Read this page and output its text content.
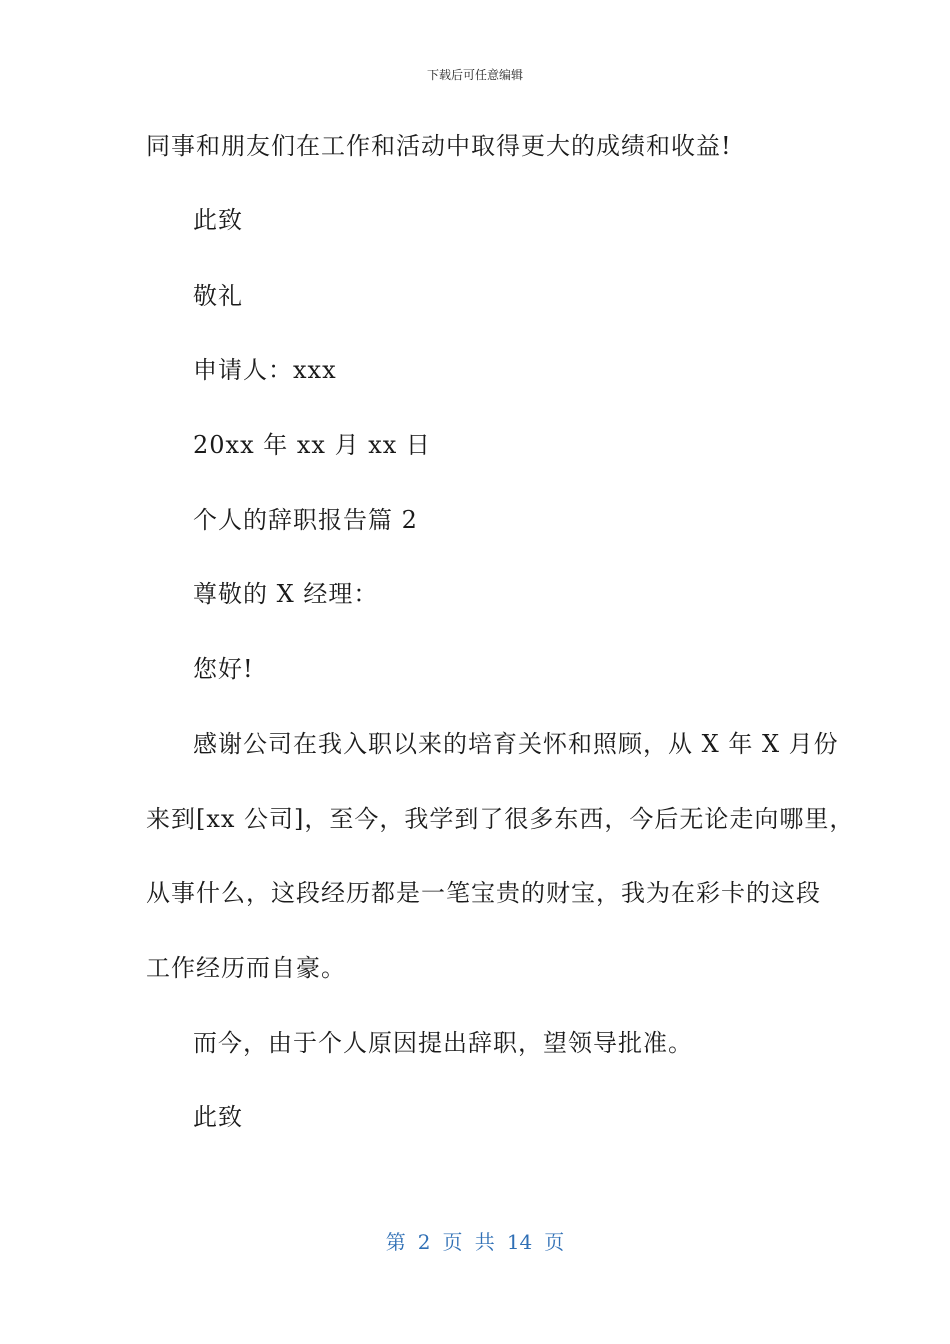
下载后可任意编辑
同事和朋友们在工作和活动中取得更大的成绩和收益!
此致
敬礼
申请人：xxx
20xx 年 xx 月 xx 日
个人的辞职报告篇 2
尊敬的 X 经理：
您好!
感谢公司在我入职以来的培育关怀和照顾，从 X 年 X 月份
来到[xx 公司]，至今，我学到了很多东西，今后无论走向哪里，
从事什么，这段经历都是一笔宝贵的财宝，我为在彩卡的这段
工作经历而自豪。
而今，由于个人原因提出辞职，望领导批准。
此致
第 2 页 共 14 页
